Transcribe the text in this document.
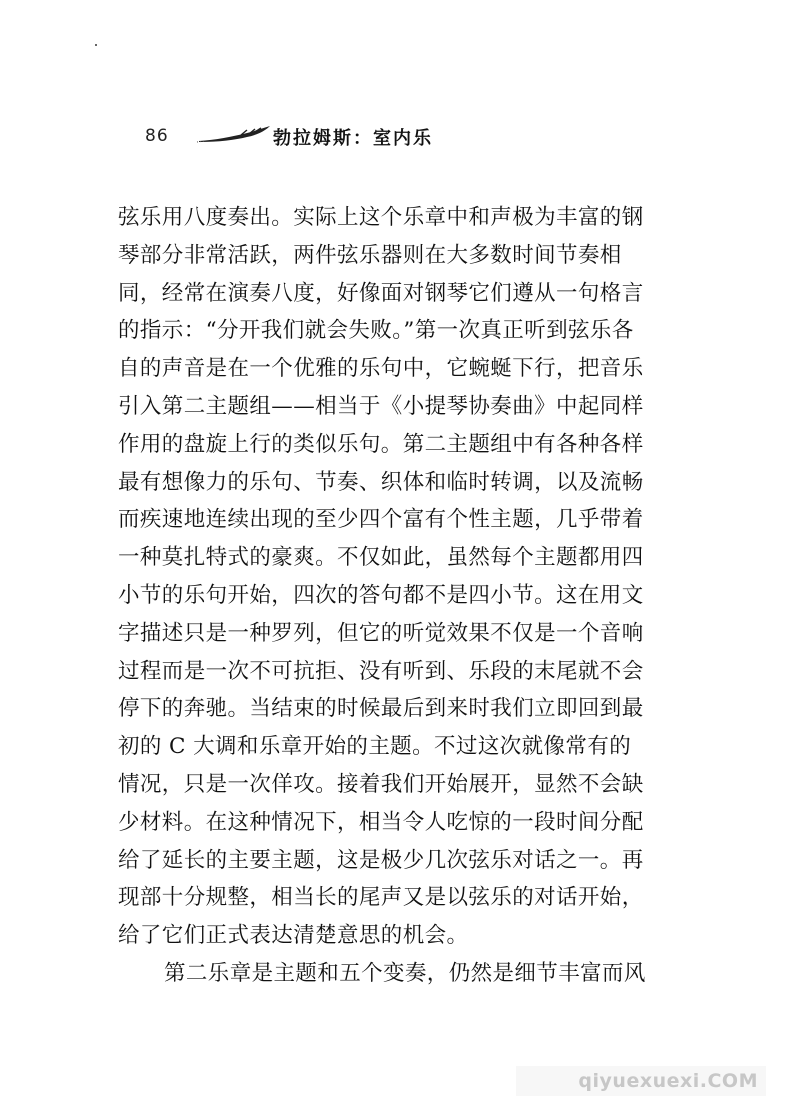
86	勃拉姆斯：室内乐
弦乐用八度奏出。实际上这个乐章中和声极为丰富的钢
琴部分非常活跃，两件弦乐器则在大多数时间节奏相
同，经常在演奏八度，好像面对钢琴它们遵从一句格言
的指示：“分开我们就会失败。”第一次真正听到弦乐各
自的声音是在一个优雅的乐句中，它蜿蜒下行，把音乐
引入第二主题组——相当于《小提琴协奏曲》中起同样
作用的盘旋上行的类似乐句。第二主题组中有各种各样
最有想像力的乐句、节奏、织体和临时转调，以及流畅
而疾速地连续出现的至少四个富有个性主题，几乎带着
一种莫扎特式的豪爽。不仅如此，虽然每个主题都用四
小节的乐句开始，四次的答句都不是四小节。这在用文
字描述只是一种罗列，但它的听觉效果不仅是一个音响
过程而是一次不可抗拒、没有听到、乐段的末尾就不会
停下的奔驰。当结束的时候最后到来时我们立即回到最
初的 C 大调和乐章开始的主题。不过这次就像常有的
情况，只是一次佯攻。接着我们开始展开，显然不会缺
少材料。在这种情况下，相当令人吃惊的一段时间分配
给了延长的主要主题，这是极少几次弦乐对话之一。再
现部十分规整，相当长的尾声又是以弦乐的对话开始，
给了它们正式表达清楚意思的机会。
第二乐章是主题和五个变奏，仍然是细节丰富而风
qiyuexuexi.COM
